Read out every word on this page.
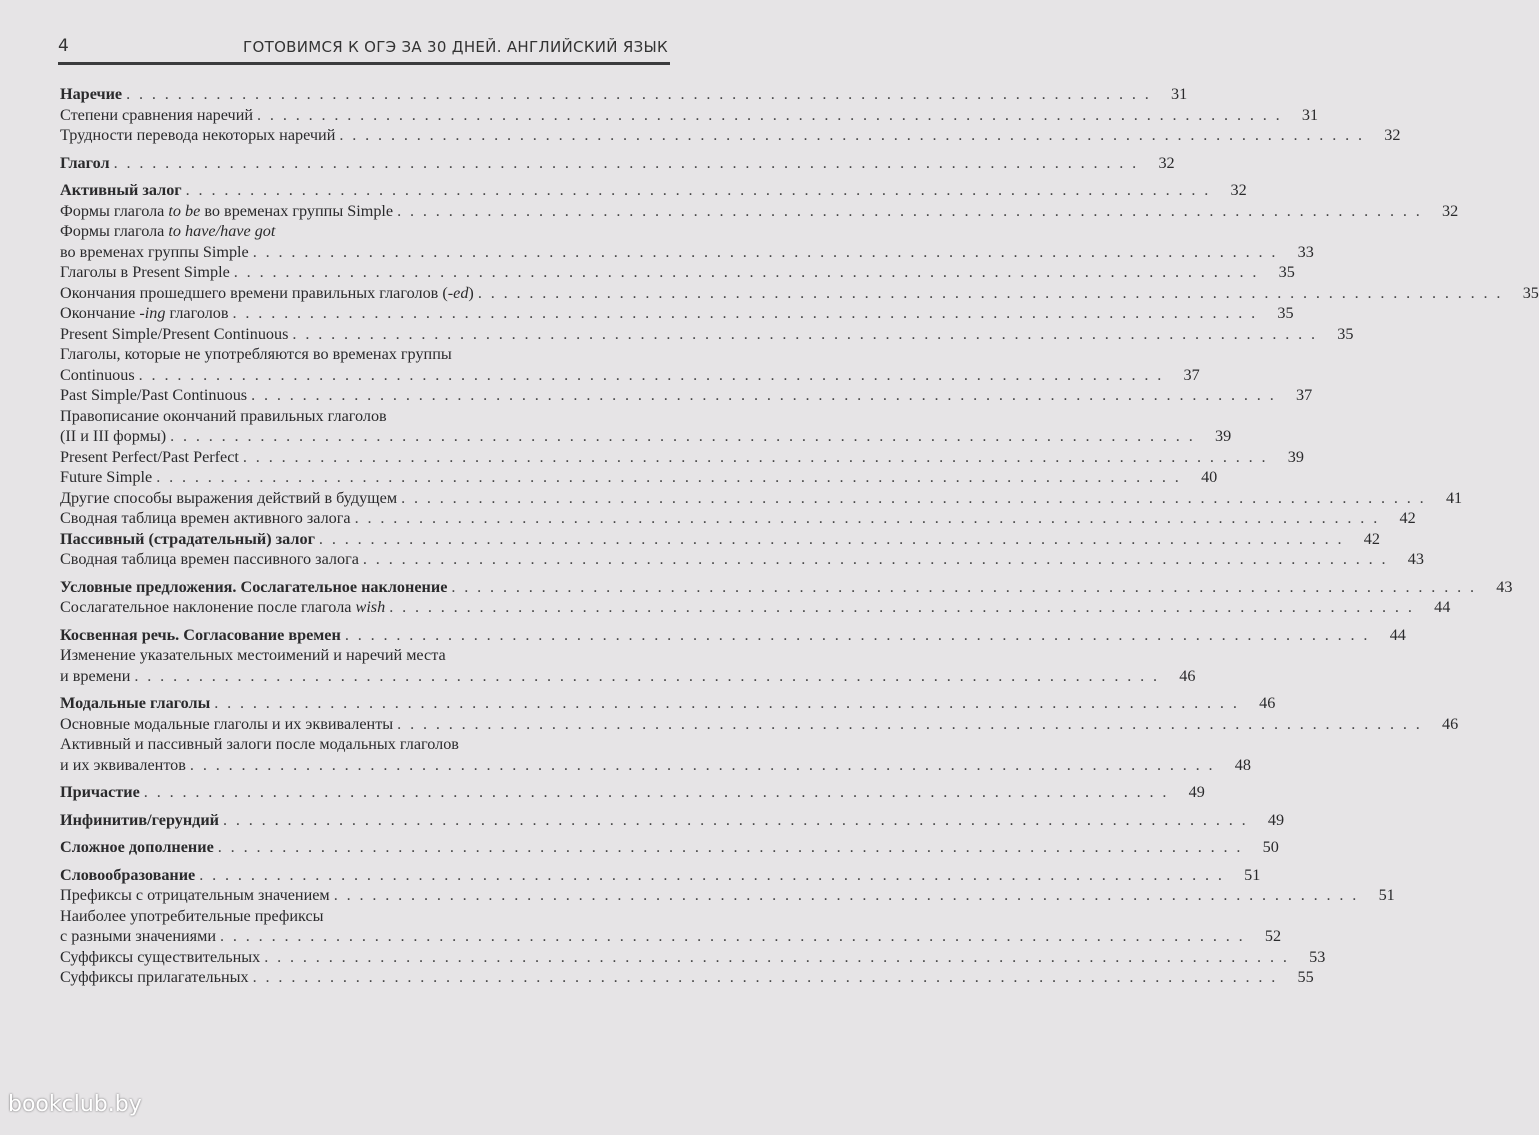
4	ГОТОВИМСЯ К ОГЭ ЗА 30 ДНЕЙ. АНГЛИЙСКИЙ ЯЗЫК
Наречие . . . . . . . . . . . . . . . . . . . . . . . . . . . . . . . . . . . . . . . . . . . . . . . . . . . . . . . . . . . . . . . . . . . . . . . . . . . . . . . .	31
Степени сравнения наречий . . . . . . . . . . . . . . . . . . . . . . . . . . . . . . . . . . . . . . . . . . . . . . . . . . . . . . . . . . . . . . . . . . . . . . . . . . . . . . . .	31
Трудности перевода некоторых наречий . . . . . . . . . . . . . . . . . . . . . . . . . . . . . . . . . . . . . . . . . . . . . . . . . . . . . . . . . . . . . . . . . . . . . . . . . . . . . . . .	32
Глагол . . . . . . . . . . . . . . . . . . . . . . . . . . . . . . . . . . . . . . . . . . . . . . . . . . . . . . . . . . . . . . . . . . . . . . . . . . . . . . . .	32
Активный залог . . . . . . . . . . . . . . . . . . . . . . . . . . . . . . . . . . . . . . . . . . . . . . . . . . . . . . . . . . . . . . . . . . . . . . . . . . . . . . . .	32
Формы глагола to be во временах группы Simple . . . . . . . . . . . . . . . . . . . . . . . . . . . . . . . . . . . . . . . . . . . . . . . . . . . . . . . . . . . . . . . . . . . . . . . . . . . . . . . .	32
Формы глагола to have/have got
во временах группы Simple . . . . . . . . . . . . . . . . . . . . . . . . . . . . . . . . . . . . . . . . . . . . . . . . . . . . . . . . . . . . . . . . . . . . . . . . . . . . . . . .	33
Глаголы в Present Simple . . . . . . . . . . . . . . . . . . . . . . . . . . . . . . . . . . . . . . . . . . . . . . . . . . . . . . . . . . . . . . . . . . . . . . . . . . . . . . . .	35
Окончания прошедшего времени правильных глаголов (-ed) . . . . . . . . . . . . . . . . . . . . . . . . . . . . . . . . . . . . . . . . . . . . . . . . . . . . . . . . . . . . . . . . . . . . . . . . . . . . . . . .	35
Окончание -ing глаголов . . . . . . . . . . . . . . . . . . . . . . . . . . . . . . . . . . . . . . . . . . . . . . . . . . . . . . . . . . . . . . . . . . . . . . . . . . . . . . . .	35
Present Simple/Present Continuous . . . . . . . . . . . . . . . . . . . . . . . . . . . . . . . . . . . . . . . . . . . . . . . . . . . . . . . . . . . . . . . . . . . . . . . . . . . . . . . .	35
Глаголы, которые не употребляются во временах группы
Continuous . . . . . . . . . . . . . . . . . . . . . . . . . . . . . . . . . . . . . . . . . . . . . . . . . . . . . . . . . . . . . . . . . . . . . . . . . . . . . . . .	37
Past Simple/Past Continuous . . . . . . . . . . . . . . . . . . . . . . . . . . . . . . . . . . . . . . . . . . . . . . . . . . . . . . . . . . . . . . . . . . . . . . . . . . . . . . . .	37
Правописание окончаний правильных глаголов
(II и III формы) . . . . . . . . . . . . . . . . . . . . . . . . . . . . . . . . . . . . . . . . . . . . . . . . . . . . . . . . . . . . . . . . . . . . . . . . . . . . . . . .	39
Present Perfect/Past Perfect . . . . . . . . . . . . . . . . . . . . . . . . . . . . . . . . . . . . . . . . . . . . . . . . . . . . . . . . . . . . . . . . . . . . . . . . . . . . . . . .	39
Future Simple . . . . . . . . . . . . . . . . . . . . . . . . . . . . . . . . . . . . . . . . . . . . . . . . . . . . . . . . . . . . . . . . . . . . . . . . . . . . . . . .	40
Другие способы выражения действий в будущем . . . . . . . . . . . . . . . . . . . . . . . . . . . . . . . . . . . . . . . . . . . . . . . . . . . . . . . . . . . . . . . . . . . . . . . . . . . . . . . .	41
Сводная таблица времен активного залога . . . . . . . . . . . . . . . . . . . . . . . . . . . . . . . . . . . . . . . . . . . . . . . . . . . . . . . . . . . . . . . . . . . . . . . . . . . . . . . .	42
Пассивный (страдательный) залог . . . . . . . . . . . . . . . . . . . . . . . . . . . . . . . . . . . . . . . . . . . . . . . . . . . . . . . . . . . . . . . . . . . . . . . . . . . . . . . .	42
Сводная таблица времен пассивного залога . . . . . . . . . . . . . . . . . . . . . . . . . . . . . . . . . . . . . . . . . . . . . . . . . . . . . . . . . . . . . . . . . . . . . . . . . . . . . . . .	43
Условные предложения. Сослагательное наклонение . . . . . . . . . . . . . . . . . . . . . . . . . . . . . . . . . . . . . . . . . . . . . . . . . . . . . . . . . . . . . . . . . . . . . . . . . . . . . . . .	43
Сослагательное наклонение после глагола wish . . . . . . . . . . . . . . . . . . . . . . . . . . . . . . . . . . . . . . . . . . . . . . . . . . . . . . . . . . . . . . . . . . . . . . . . . . . . . . . .	44
Косвенная речь. Согласование времен . . . . . . . . . . . . . . . . . . . . . . . . . . . . . . . . . . . . . . . . . . . . . . . . . . . . . . . . . . . . . . . . . . . . . . . . . . . . . . . .	44
Изменение указательных местоимений и наречий места
и времени . . . . . . . . . . . . . . . . . . . . . . . . . . . . . . . . . . . . . . . . . . . . . . . . . . . . . . . . . . . . . . . . . . . . . . . . . . . . . . . .	46
Модальные глаголы . . . . . . . . . . . . . . . . . . . . . . . . . . . . . . . . . . . . . . . . . . . . . . . . . . . . . . . . . . . . . . . . . . . . . . . . . . . . . . . .	46
Основные модальные глаголы и их эквиваленты . . . . . . . . . . . . . . . . . . . . . . . . . . . . . . . . . . . . . . . . . . . . . . . . . . . . . . . . . . . . . . . . . . . . . . . . . . . . . . . .	46
Активный и пассивный залоги после модальных глаголов
и их эквивалентов . . . . . . . . . . . . . . . . . . . . . . . . . . . . . . . . . . . . . . . . . . . . . . . . . . . . . . . . . . . . . . . . . . . . . . . . . . . . . . . .	48
Причастие . . . . . . . . . . . . . . . . . . . . . . . . . . . . . . . . . . . . . . . . . . . . . . . . . . . . . . . . . . . . . . . . . . . . . . . . . . . . . . . .	49
Инфинитив/герундий . . . . . . . . . . . . . . . . . . . . . . . . . . . . . . . . . . . . . . . . . . . . . . . . . . . . . . . . . . . . . . . . . . . . . . . . . . . . . . . .	49
Сложное дополнение . . . . . . . . . . . . . . . . . . . . . . . . . . . . . . . . . . . . . . . . . . . . . . . . . . . . . . . . . . . . . . . . . . . . . . . . . . . . . . . .	50
Словообразование . . . . . . . . . . . . . . . . . . . . . . . . . . . . . . . . . . . . . . . . . . . . . . . . . . . . . . . . . . . . . . . . . . . . . . . . . . . . . . . .	51
Префиксы с отрицательным значением . . . . . . . . . . . . . . . . . . . . . . . . . . . . . . . . . . . . . . . . . . . . . . . . . . . . . . . . . . . . . . . . . . . . . . . . . . . . . . . .	51
Наиболее употребительные префиксы
с разными значениями . . . . . . . . . . . . . . . . . . . . . . . . . . . . . . . . . . . . . . . . . . . . . . . . . . . . . . . . . . . . . . . . . . . . . . . . . . . . . . . .	52
Суффиксы существительных . . . . . . . . . . . . . . . . . . . . . . . . . . . . . . . . . . . . . . . . . . . . . . . . . . . . . . . . . . . . . . . . . . . . . . . . . . . . . . . .	53
Суффиксы прилагательных . . . . . . . . . . . . . . . . . . . . . . . . . . . . . . . . . . . . . . . . . . . . . . . . . . . . . . . . . . . . . . . . . . . . . . . . . . . . . . . .	55
bookclub.by
